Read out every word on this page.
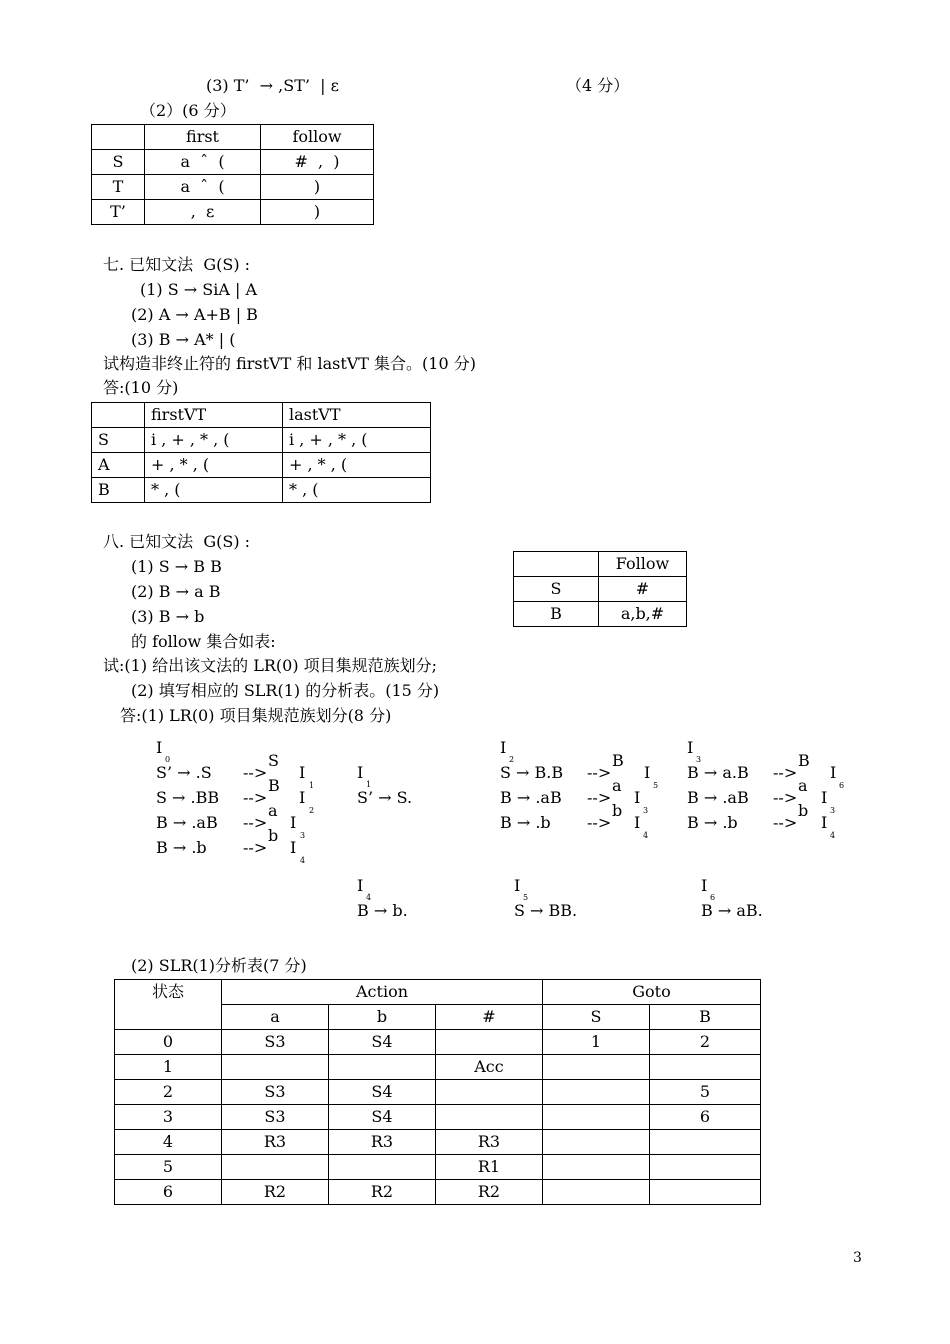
(3) T’  → ,ST’  | ε	（4 分）
（2）(6 分）
	first	follow
S	a  ˆ  (	#  ,  )
T	a  ˆ  (	)
T’	,  ε	)
七. 已知文法  G(S) :
(1) S → SiA | A
(2) A → A+B | B
(3) B → A* | (
试构造非终止符的 firstVT 和 lastVT 集合。(10 分)
答:(10 分)
	firstVT	lastVT
S	i , + , * , (	i , + , * , (
A	+ , * , (	+ , * , (
B	* , (	* , (
八. 已知文法  G(S) :
(1) S → B B
(2) B → a B
(3) B → b
的 follow 集合如表:
试:(1) 给出该文法的 LR(0) 项目集规范族划分;
(2) 填写相应的 SLR(1) 的分析表。(15 分)
答:(1) LR(0) 项目集规范族划分(8 分)
	Follow
S	#
B	a,b,#
I
0
S’ → .S
S → .BB
B → .aB
B → .b
S
--> I
1
B
--> I
2
a
--> I
3
b
--> I
4
I
1
S’ → S.
I
2
S → B.B
B → .aB
B → .b
B
--> I
5
a
--> I
3
b
--> I
4
I
3
B → a.B
B → .aB
B → .b
B
--> I
6
a
--> I
3
b
--> I
4
I
4
B → b.
I
5
S → BB.
I
6
B → aB.
(2) SLR(1)分析表(7 分)
状态	Action			Goto	
	a	b	#	S	B
0	S3	S4		1	2
1			Acc		
2	S3	S4			5
3	S3	S4			6
4	R3	R3	R3		
5			R1		
6	R2	R2	R2		
3
